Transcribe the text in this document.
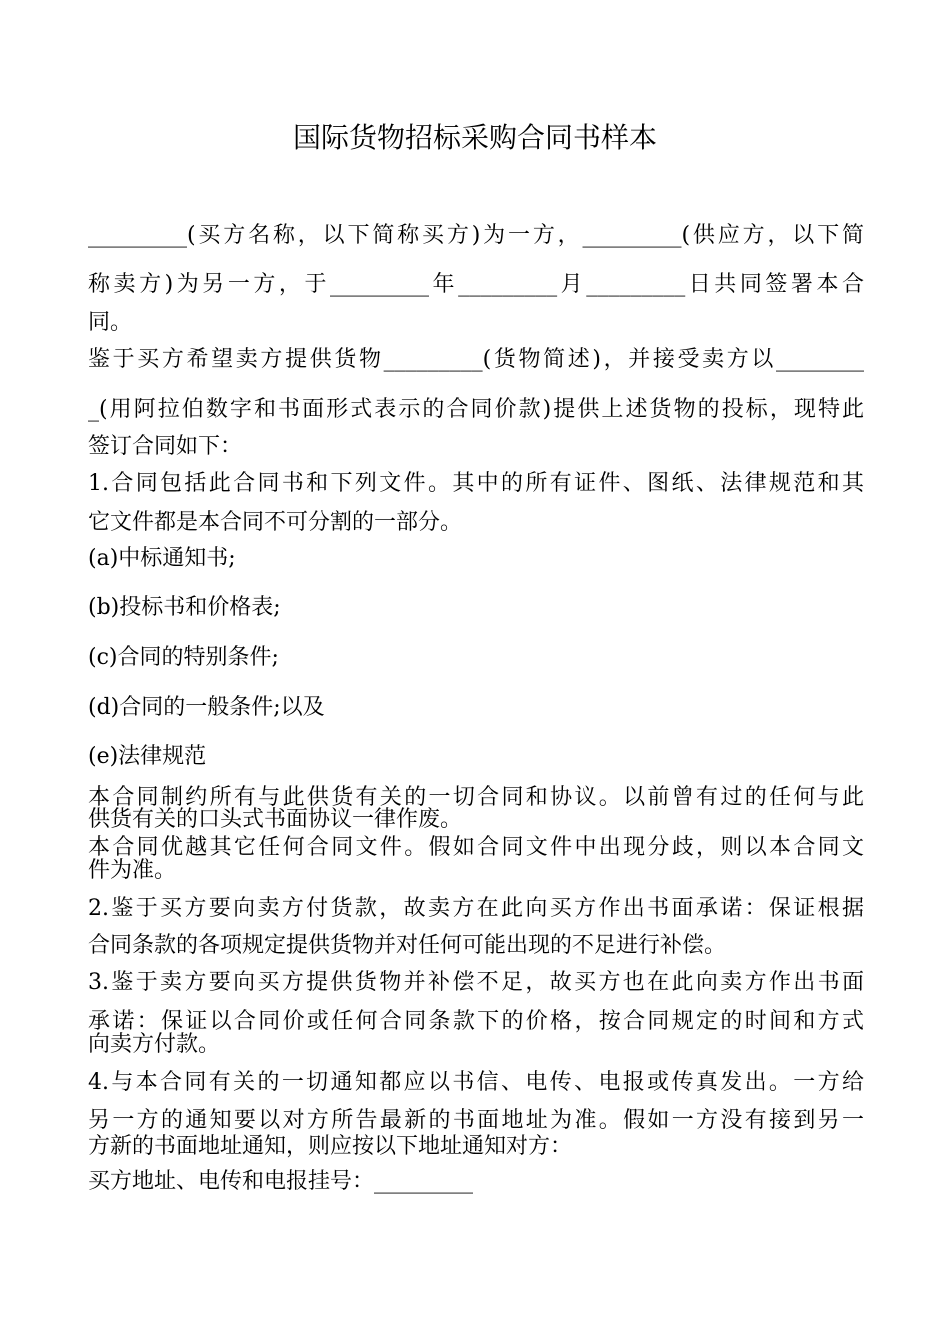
国际货物招标采购合同书样本
_________(买方名称，以下简称买方)为一方，_________(供应方，以下简
称卖方)为另一方，于_________年_________月_________日共同签署本合
同。
鉴于买方希望卖方提供货物_________(货物简述)，并接受卖方以________
_(用阿拉伯数字和书面形式表示的合同价款)提供上述货物的投标，现特此
签订合同如下：
1.合同包括此合同书和下列文件。其中的所有证件、图纸、法律规范和其
它文件都是本合同不可分割的一部分。
(a)中标通知书;
(b)投标书和价格表;
(c)合同的特别条件;
(d)合同的一般条件;以及
(e)法律规范
本合同制约所有与此供货有关的一切合同和协议。以前曾有过的任何与此
供货有关的口头式书面协议一律作废。
本合同优越其它任何合同文件。假如合同文件中出现分歧，则以本合同文
件为准。
2.鉴于买方要向卖方付货款，故卖方在此向买方作出书面承诺：保证根据
合同条款的各项规定提供货物并对任何可能出现的不足进行补偿。
3.鉴于卖方要向买方提供货物并补偿不足，故买方也在此向卖方作出书面
承诺：保证以合同价或任何合同条款下的价格，按合同规定的时间和方式
向卖方付款。
4.与本合同有关的一切通知都应以书信、电传、电报或传真发出。一方给
另一方的通知要以对方所告最新的书面地址为准。假如一方没有接到另一
方新的书面地址通知，则应按以下地址通知对方：
买方地址、电传和电报挂号：_________
